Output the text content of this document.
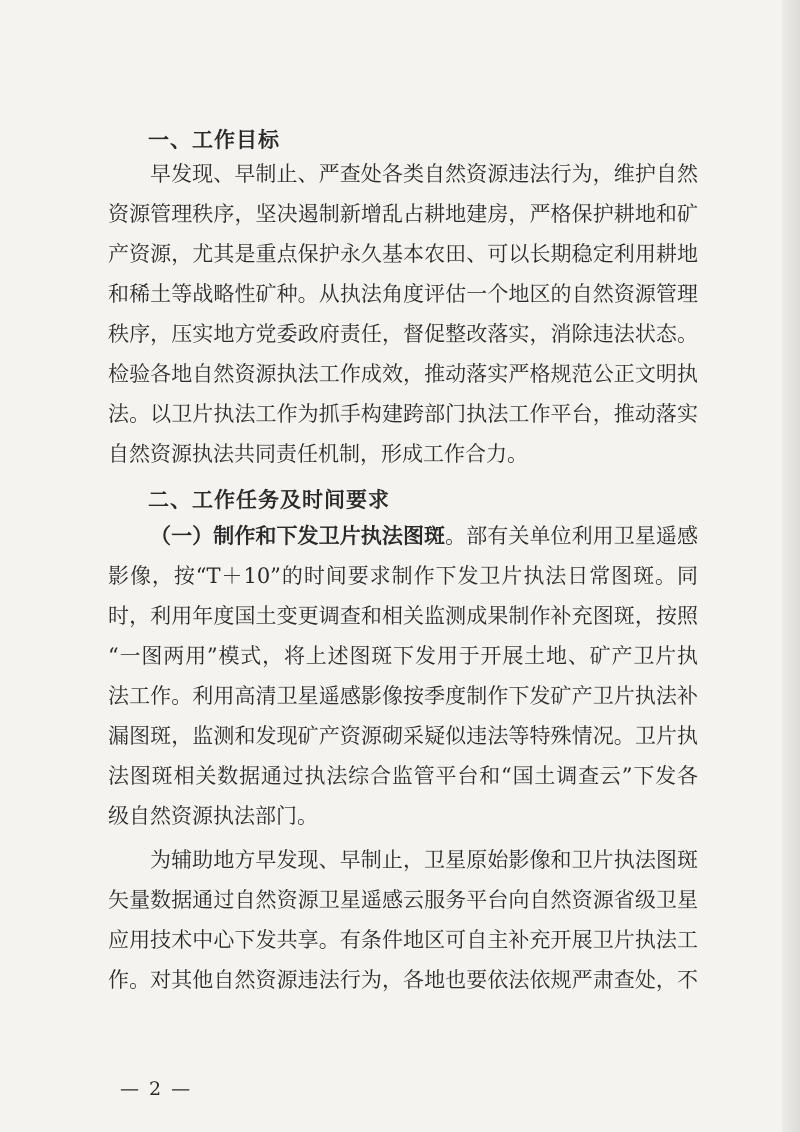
一、工作目标
早发现、早制止、严查处各类自然资源违法行为，维护自然
资源管理秩序，坚决遏制新增乱占耕地建房，严格保护耕地和矿
产资源，尤其是重点保护永久基本农田、可以长期稳定利用耕地
和稀土等战略性矿种。从执法角度评估一个地区的自然资源管理
秩序，压实地方党委政府责任，督促整改落实，消除违法状态。
检验各地自然资源执法工作成效，推动落实严格规范公正文明执
法。以卫片执法工作为抓手构建跨部门执法工作平台，推动落实
自然资源执法共同责任机制，形成工作合力。
二、工作任务及时间要求
（一）制作和下发卫片执法图斑。部有关单位利用卫星遥感
影像，按“T＋10”的时间要求制作下发卫片执法日常图斑。同
时，利用年度国土变更调查和相关监测成果制作补充图斑，按照
“一图两用”模式，将上述图斑下发用于开展土地、矿产卫片执
法工作。利用高清卫星遥感影像按季度制作下发矿产卫片执法补
漏图斑，监测和发现矿产资源砌采疑似违法等特殊情况。卫片执
法图斑相关数据通过执法综合监管平台和“国土调查云”下发各
级自然资源执法部门。
为辅助地方早发现、早制止，卫星原始影像和卫片执法图斑
矢量数据通过自然资源卫星遥感云服务平台向自然资源省级卫星
应用技术中心下发共享。有条件地区可自主补充开展卫片执法工
作。对其他自然资源违法行为，各地也要依法依规严肃查处，不
— 2 —
